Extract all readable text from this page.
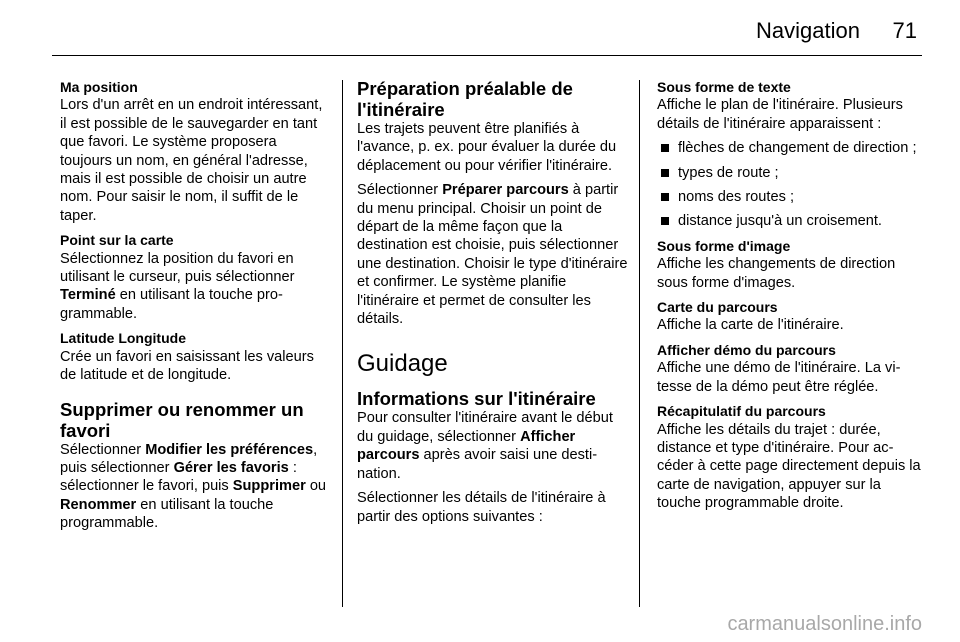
Navigation 71
Ma position
Lors d'un arrêt en un endroit intéressant, il est possible de le sauvegarder en tant que favori. Le système proposera toujours un nom, en général l'adresse, mais il est possible de choisir un autre nom. Pour saisir le nom, il suffit de le taper.
Point sur la carte
Sélectionnez la position du favori en utilisant le curseur, puis sélectionner Terminé en utilisant la touche programmable.
Latitude Longitude
Crée un favori en saisissant les valeurs de latitude et de longitude.
Supprimer ou renommer un favori
Sélectionner Modifier les préférences, puis sélectionner Gérer les favoris : sélectionner le favori, puis Supprimer ou Renommer en utilisant la touche programmable.
Préparation préalable de l'itinéraire

Les trajets peuvent être planifiés à l'avance, p. ex. pour évaluer la durée du déplacement ou pour vérifier l'itinéraire.

Sélectionner Préparer parcours à partir du menu principal. Choisir un point de départ de la même façon que la destination est choisie, puis sélectionner une destination. Choisir le type d'itinéraire et confirmer. Le système planifie l'itinéraire et permet de consulter les détails.

Guidage
Informations sur l'itinéraire

Pour consulter l'itinéraire avant le début du guidage, sélectionner Afficher parcours après avoir saisi une destination.

Sélectionner les détails de l'itinéraire à partir des options suivantes :

Sous forme de texte
Affiche le plan de l'itinéraire. Plusieurs détails de l'itinéraire apparaissent :
flèches de changement de direction ;
types de route ;
noms des routes ;
distance jusqu'à un croisement.
Sous forme d'image
Affiche les changements de direction sous forme d'images.
Carte du parcours
Affiche la carte de l'itinéraire.
Afficher démo du parcours
Affiche une démo de l'itinéraire. La vitesse de la démo peut être réglée.
Récapitulatif du parcours
Affiche les détails du trajet : durée, distance et type d'itinéraire. Pour accéder à cette page directement depuis la carte de navigation, appuyer sur la touche programmable droite.
carmanualsonline.info
